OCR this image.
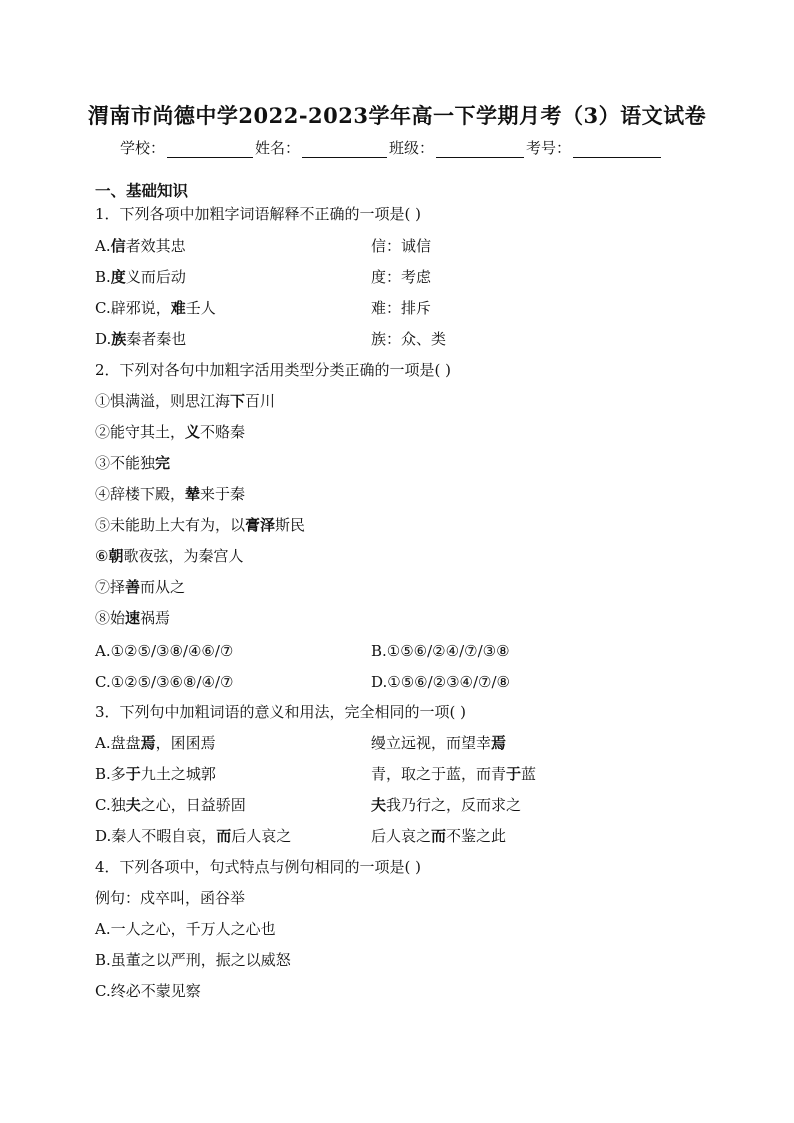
渭南市尚德中学2022-2023学年高一下学期月考（3）语文试卷
学校：	姓名：	班级：	考号：
一、基础知识
1．下列各项中加粗字词语解释不正确的一项是( )
A.信者效其忠	信：诚信
B.度义而后动	度：考虑
C.辟邪说，难壬人	难：排斥
D.族秦者秦也	族：众、类
2．下列对各句中加粗字活用类型分类正确的一项是( )
①惧满溢，则思江海下百川
②能守其土，义不赂秦
③不能独完
④辞楼下殿，辇来于秦
⑤未能助上大有为，以膏泽斯民
⑥朝歌夜弦，为秦宫人
⑦择善而从之
⑧始速祸焉
A.①②⑤/③⑧/④⑥/⑦	B.①⑤⑥/②④/⑦/③⑧
C.①②⑤/③⑥⑧/④/⑦	D.①⑤⑥/②③④/⑦/⑧
3．下列句中加粗词语的意义和用法，完全相同的一项( )
A.盘盘焉，囷囷焉	缦立远视，而望幸焉
B.多于九土之城郭	青，取之于蓝，而青于蓝
C.独夫之心，日益骄固	夫我乃行之，反而求之
D.秦人不暇自哀，而后人哀之	后人哀之而不鉴之此
4．下列各项中，句式特点与例句相同的一项是( )
例句：戍卒叫，函谷举
A.一人之心，千万人之心也
B.虽董之以严刑，振之以威怒
C.终必不蒙见察
